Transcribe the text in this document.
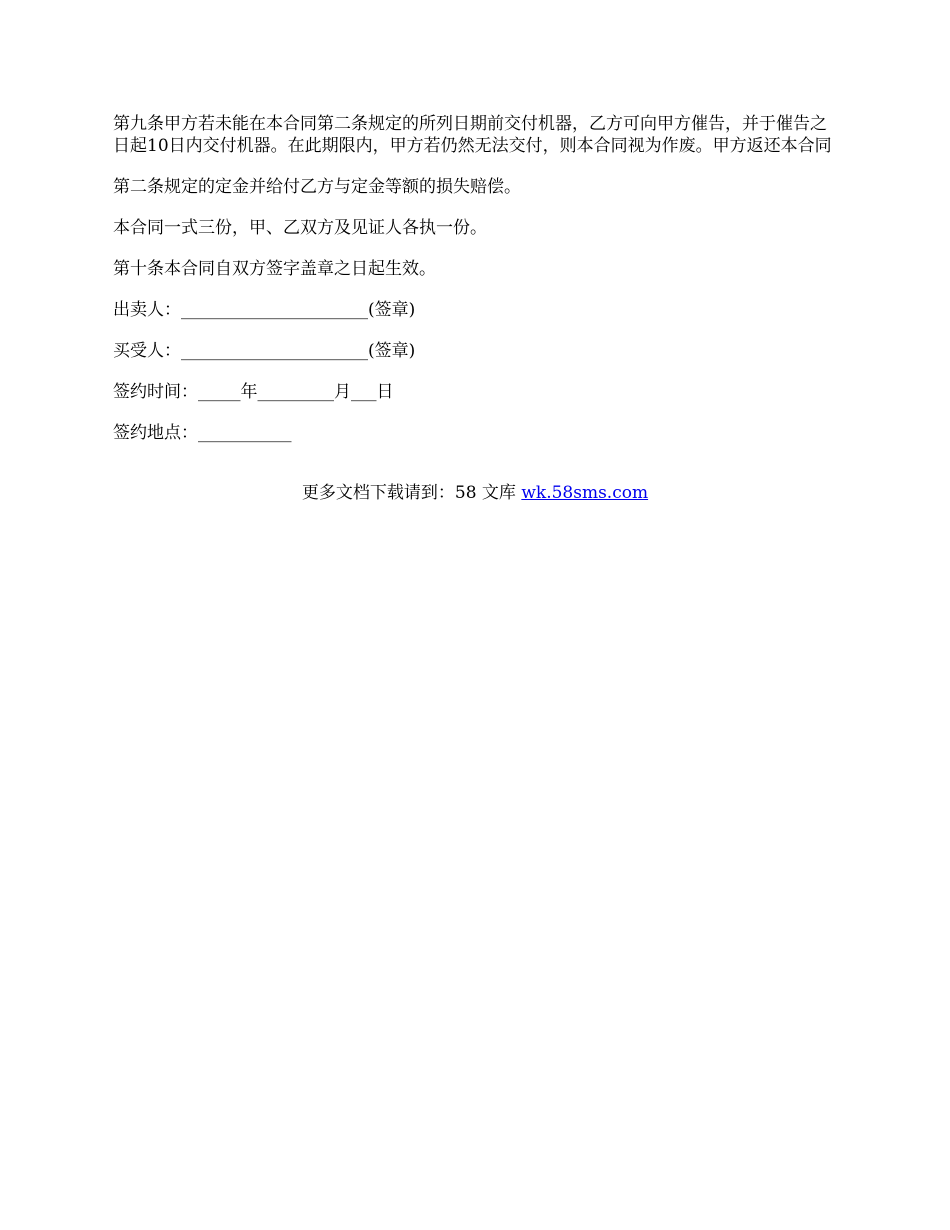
第九条甲方若未能在本合同第二条规定的所列日期前交付机器，乙方可向甲方催告，并于催告之日起10日内交付机器。在此期限内，甲方若仍然无法交付，则本合同视为作废。甲方返还本合同

第二条规定的定金并给付乙方与定金等额的损失赔偿。

本合同一式三份，甲、乙双方及见证人各执一份。

第十条本合同自双方签字盖章之日起生效。

出卖人：______________________(签章)

买受人：______________________(签章)

签约时间：_____年_________月___日

签约地点：___________

更多文档下载请到：58 文库 wk.58sms.com
